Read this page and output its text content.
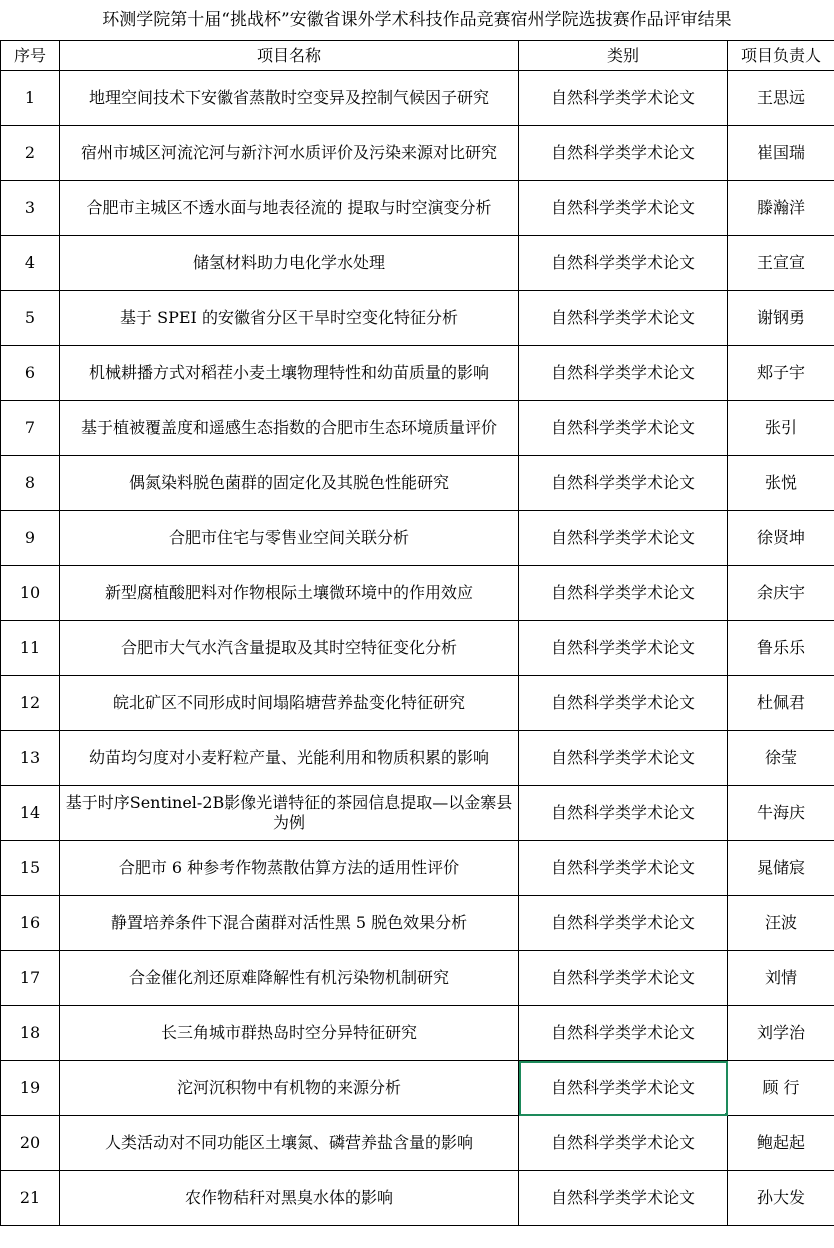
环测学院第十届“挑战杯”安徽省课外学术科技作品竞赛宿州学院选拔赛作品评审结果
序号	项目名称	类别	项目负责人
1	地理空间技术下安徽省蒸散时空变异及控制气候因子研究	自然科学类学术论文	王思远
2	宿州市城区河流沱河与新汴河水质评价及污染来源对比研究	自然科学类学术论文	崔国瑞
3	合肥市主城区不透水面与地表径流的 提取与时空演变分析	自然科学类学术论文	滕瀚洋
4	储氢材料助力电化学水处理	自然科学类学术论文	王宣宣
5	基于 SPEI 的安徽省分区干旱时空变化特征分析	自然科学类学术论文	谢钢勇
6	机械耕播方式对稻茬小麦土壤物理特性和幼苗质量的影响	自然科学类学术论文	郏子宇
7	基于植被覆盖度和遥感生态指数的合肥市生态环境质量评价	自然科学类学术论文	张引
8	偶氮染料脱色菌群的固定化及其脱色性能研究	自然科学类学术论文	张悦
9	合肥市住宅与零售业空间关联分析	自然科学类学术论文	徐贤坤
10	新型腐植酸肥料对作物根际土壤微环境中的作用效应	自然科学类学术论文	余庆宇
11	合肥市大气水汽含量提取及其时空特征变化分析	自然科学类学术论文	鲁乐乐
12	皖北矿区不同形成时间塌陷塘营养盐变化特征研究	自然科学类学术论文	杜佩君
13	幼苗均匀度对小麦籽粒产量、光能利用和物质积累的影响	自然科学类学术论文	徐莹
14	基于时序Sentinel-2B影像光谱特征的茶园信息提取—以金寨县为例	自然科学类学术论文	牛海庆
15	合肥市 6 种参考作物蒸散估算方法的适用性评价	自然科学类学术论文	晁储宸
16	静置培养条件下混合菌群对活性黑 5 脱色效果分析	自然科学类学术论文	汪波
17	合金催化剂还原难降解性有机污染物机制研究	自然科学类学术论文	刘情
18	长三角城市群热岛时空分异特征研究	自然科学类学术论文	刘学治
19	沱河沉积物中有机物的来源分析	自然科学类学术论文	顾 行
20	人类活动对不同功能区土壤氮、磷营养盐含量的影响	自然科学类学术论文	鲍起起
21	农作物秸秆对黑臭水体的影响	自然科学类学术论文	孙大发
